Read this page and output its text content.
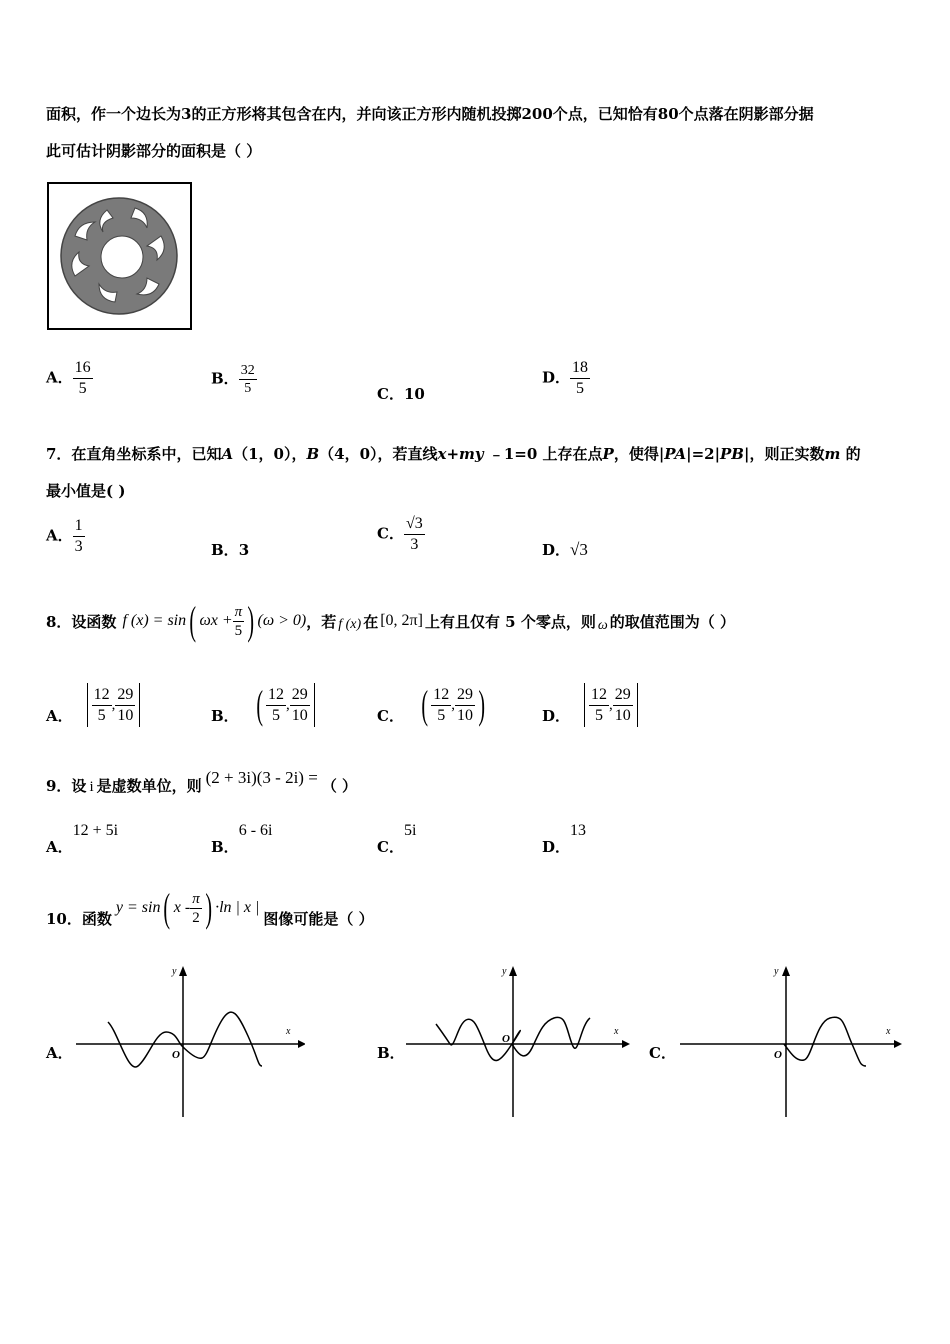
面积，作一个边长为3的正方形将其包含在内，并向该正方形内随机投掷200个点，已知恰有80个点落在阴影部分据
此可估计阴影部分的面积是（ ）
A． $\frac{16}{5}$	B． $\frac{32}{5}$	C．10
D． $\frac{18}{5}$
7．在直角坐标系中，已知A（1，0），B（4，0），若直线x+my ﹣1=0 上存在点P，使得|PA|=2|PB|，则正实数m 的
最小值是( )
A． $\frac{1}{3}$	B．3
C． $\frac{√3}{3}$	D．√3
8．设函数 f (x) = sin ( $\omega x + \frac{\pi}{5}$ ) (ω > 0) ，若 f (x) 在 [0, 2π] 上有且仅有 5 个零点，则 ω 的取值范围为（ ）
A． $\frac{12}{5}$ , $\frac{29}{10}$	B． ( $\frac{12}{5}$ , $\frac{29}{10}$	C． ( $\frac{12}{5}$ , $\frac{29}{10}$ )	D． $\frac{12}{5}$ , $\frac{29}{10}$
9．设 i 是虚数单位，则 (2 + 3i)(3 - 2i) = （ ）
A．
12 + 5i
B．
6 - 6i
C．
5i
D．
13
10．函数
y = sin ( x - $\frac{\pi}{2}$ ) ·ln | x |
图像可能是（ ）
A．
x
y
O	B．
x
y
O
C．
x
y
O
